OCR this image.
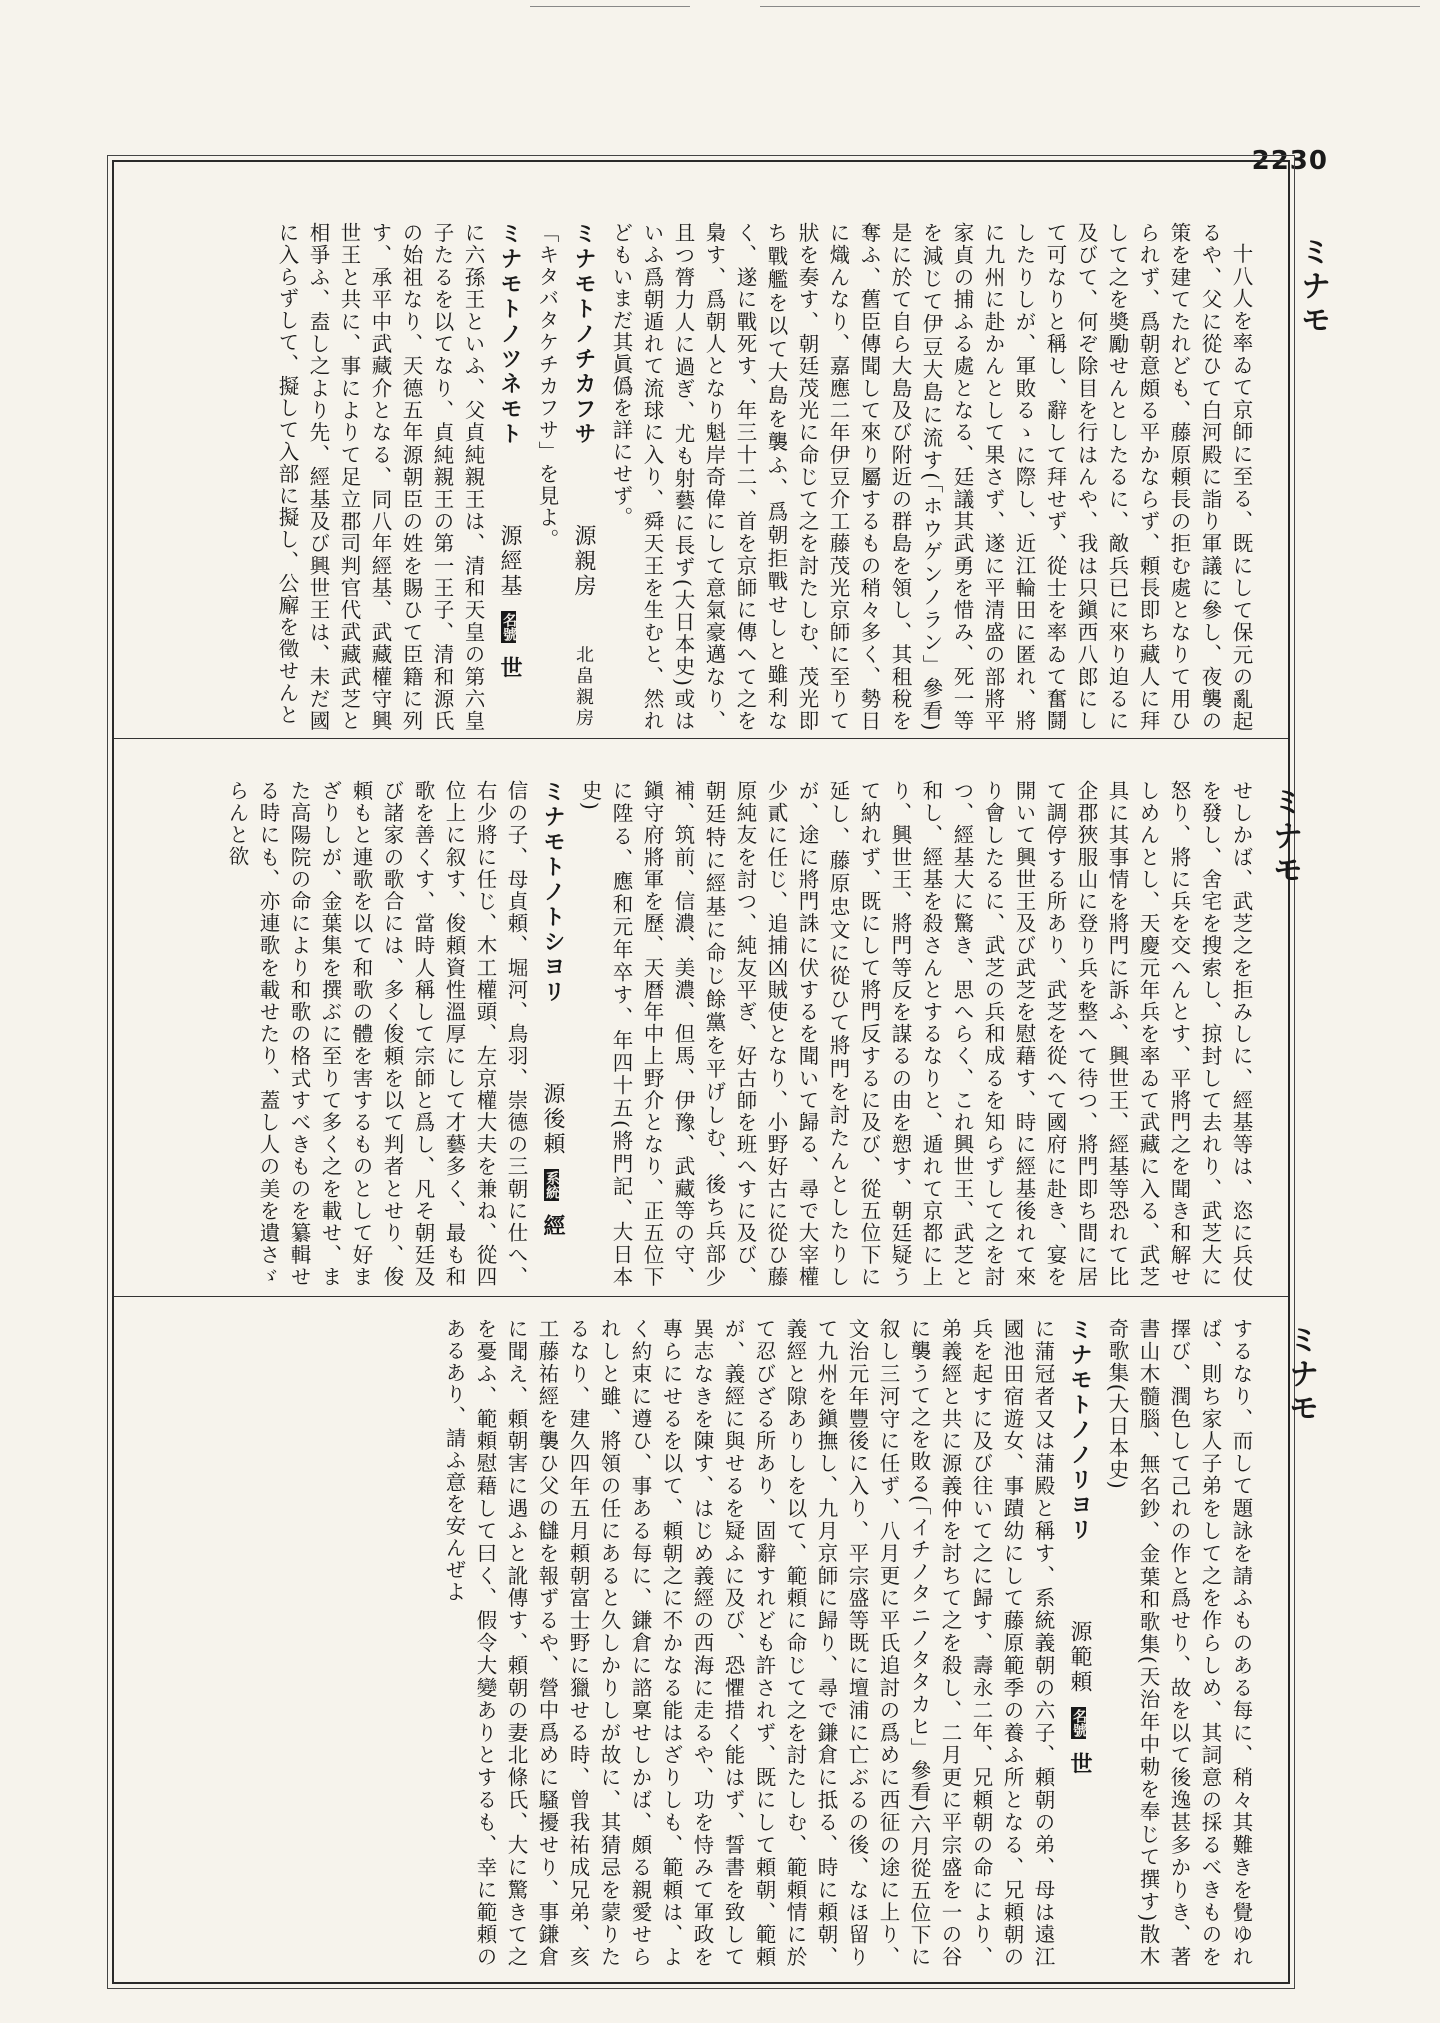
2230
ミナモ
ミナモ
ミナモ

十八人を率ゐて京師に至る、既にして保元の亂起るや、父に從ひて白河殿に詣り軍議に參し、夜襲の策を建てたれども、藤原頼長の拒む處となりて用ひられず、爲朝意頗る平かならず、頼長即ち藏人に拜して之を奬勵せんとしたるに、敵兵已に來り迫るに及びて、何ぞ除目を行はんや、我は只鎭西八郎にして可なりと稱し、辭して拜せず、從士を率ゐて奮鬪したりしが、軍敗るゝに際し、近江輪田に匿れ、將に九州に赴かんとして果さず、遂に平清盛の部將平家貞の捕ふる處となる、廷議其武勇を惜み、死一等を減じて伊豆大島に流す(「ホウゲンノラン」參看)是に於て自ら大島及び附近の群島を領し、其租稅を奪ふ、舊臣傳聞して來り屬するもの稍々多く、勢日に熾んなり、嘉應二年伊豆介工藤茂光京師に至りて狀を奏す、朝廷茂光に命じて之を討たしむ、茂光即ち戰艦を以て大島を襲ふ、爲朝拒戰せしと雖利なく、遂に戰死す、年三十二、首を京師に傳へて之を梟す、爲朝人となり魁岸奇偉にして意氣豪邁なり、且つ膂力人に過ぎ、尤も射藝に長ず(大日本史)或はいふ爲朝遁れて流球に入り、舜天王を生むと、然れどもいまだ其眞僞を詳にせず。

ミナモトノチカフサ 源親房 北畠親房

「キタバタケチカフサ」を見よ。

ミナモトノツネモト 源經基 名號 世

に六孫王といふ、父貞純親王は、清和天皇の第六皇子たるを以てなり、貞純親王の第一王子、清和源氏の始祖なり、天德五年源朝臣の姓を賜ひて臣籍に列す、承平中武藏介となる、同八年經基、武藏權守興世王と共に、事によりて足立郡司判官代武藏武芝と相爭ふ、盍し之より先、經基及び興世王は、未だ國に入らずして、擬して入部に擬し、公廨を徵せんと

せしかば、武芝之を拒みしに、經基等は、恣に兵仗を發し、舍宅を搜索し、掠封して去れり、武芝大に怒り、將に兵を交へんとす、平將門之を聞き和解せしめんとし、天慶元年兵を率ゐて武藏に入る、武芝具に其事情を將門に訴ふ、興世王、經基等恐れて比企郡狹服山に登り兵を整へて待つ、將門即ち間に居て調停する所あり、武芝を從へて國府に赴き、宴を開いて興世王及び武芝を慰藉す、時に經基後れて來り會したるに、武芝の兵和成るを知らずして之を討つ、經基大に驚き、思へらく、これ興世王、武芝と和し、經基を殺さんとするなりと、遁れて京都に上り、興世王、將門等反を謀るの由を愬す、朝廷疑うて納れず、既にして將門反するに及び、從五位下に延し、藤原忠文に從ひて將門を討たんとしたりしが、途に將門誅に伏するを聞いて歸る、尋で大宰權少貳に任じ、追捕凶賊使となり、小野好古に從ひ藤原純友を討つ、純友平ぎ、好古師を班へすに及び、朝廷特に經基に命じ餘黨を平げしむ、後ち兵部少補、筑前、信濃、美濃、但馬、伊豫、武藏等の守、鎭守府將軍を歷、天暦年中上野介となり、正五位下に陞る、應和元年卒す、年四十五(將門記、大日本史)

ミナモトノトシヨリ 源後頼 系統 經

信の子、母貞頼、堀河、鳥羽、崇德の三朝に仕へ、右少將に任じ、木工權頭、左京權大夫を兼ね、從四位上に叙す、俊頼資性溫厚にして才藝多く、最も和歌を善くす、當時人稱して宗師と爲し、凡そ朝廷及び諸家の歌合には、多く俊頼を以て判者とせり、俊頼もと連歌を以て和歌の體を害するものとして好まざりしが、金葉集を撰ぶに至りて多く之を載せ、また高陽院の命により和歌の格式すべきものを纂輯せる時にも、亦連歌を載せたり、蓋し人の美を遺さゞらんと欲

するなり、而して題詠を請ふものある每に、稍々其難きを覺ゆれば、則ち家人子弟をして之を作らしめ、其詞意の採るべきものを擇び、潤色して己れの作と爲せり、故を以て後逸甚多かりき、著書山木髓腦、無名鈔、金葉和歌集(天治年中勅を奉じて撰す)散木奇歌集(大日本史)

ミナモトノノリヨリ 源範頼 名號 世

に蒲冠者又は蒲殿と稱す、系統義朝の六子、頼朝の弟、母は遠江國池田宿遊女、事蹟幼にして藤原範季の養ふ所となる、兄頼朝の兵を起すに及び往いて之に歸す、壽永二年、兄頼朝の命により、弟義經と共に源義仲を討ちて之を殺し、二月更に平宗盛を一の谷に襲うて之を敗る(「イチノタニノタタカヒ」參看)六月從五位下に叙し三河守に任ず、八月更に平氏追討の爲めに西征の途に上り、文治元年豐後に入り、平宗盛等既に壇浦に亡ぶるの後、なほ留りて九州を鎭撫し、九月京師に歸り、尋で鎌倉に抵る、時に頼朝、義經と隙ありしを以て、範頼に命じて之を討たしむ、範頼情に於て忍びざる所あり、固辭すれども許されず、既にして頼朝、範頼が、義經に與せるを疑ふに及び、恐懼措く能はず、誓書を致して異志なきを陳す、はじめ義經の西海に走るや、功を恃みて軍政を專らにせるを以て、頼朝之に不かなる能はざりしも、範頼は、よく約束に遵ひ、事ある每に、鎌倉に諮稟せしかば、頗る親愛せられしと雖、將領の任にあると久しかりしが故に、其猜忌を蒙りたるなり、建久四年五月頼朝富士野に獵せる時、曾我祐成兄弟、亥工藤祐經を襲ひ父の讎を報ずるや、營中爲めに騷擾せり、事鎌倉に聞え、頼朝害に遇ふと訛傳す、頼朝の妻北條氏、大に驚きて之を憂ふ、範頼慰藉して曰く、假令大變ありとするも、幸に範頼のあるあり、請ふ意を安んぜよ
